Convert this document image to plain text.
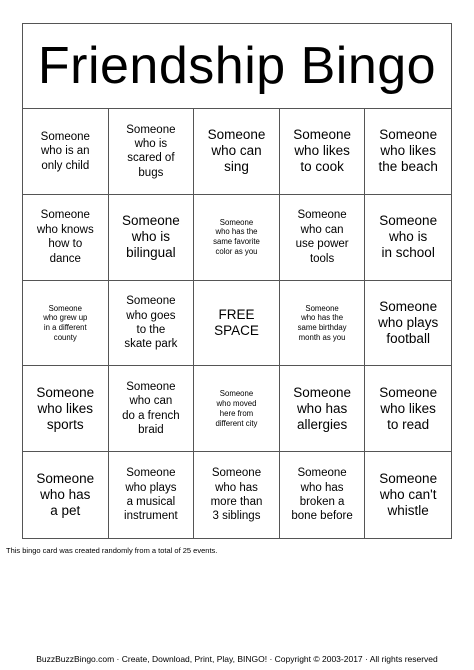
Friendship Bingo
Someone
who is an
only child
Someone
who is
scared of
bugs
Someone
who can
sing
Someone
who likes
to cook
Someone
who likes
the beach
Someone
who knows
how to
dance
Someone
who is
bilingual
Someone
who has the
same favorite
color as you
Someone
who can
use power
tools
Someone
who is
in school
Someone
who grew up
in a different
county
Someone
who goes
to the
skate park
FREE
SPACE
Someone
who has the
same birthday
month as you
Someone
who plays
football
Someone
who likes
sports
Someone
who can
do a french
braid
Someone
who moved
here from
different city
Someone
who has
allergies
Someone
who likes
to read
Someone
who has
a pet
Someone
who plays
a musical
instrument
Someone
who has
more than
3 siblings
Someone
who has
broken a
bone before
Someone
who can't
whistle
This bingo card was created randomly from a total of 25 events.
BuzzBuzzBingo.com · Create, Download, Print, Play, BINGO! · Copyright © 2003-2017 · All rights reserved
